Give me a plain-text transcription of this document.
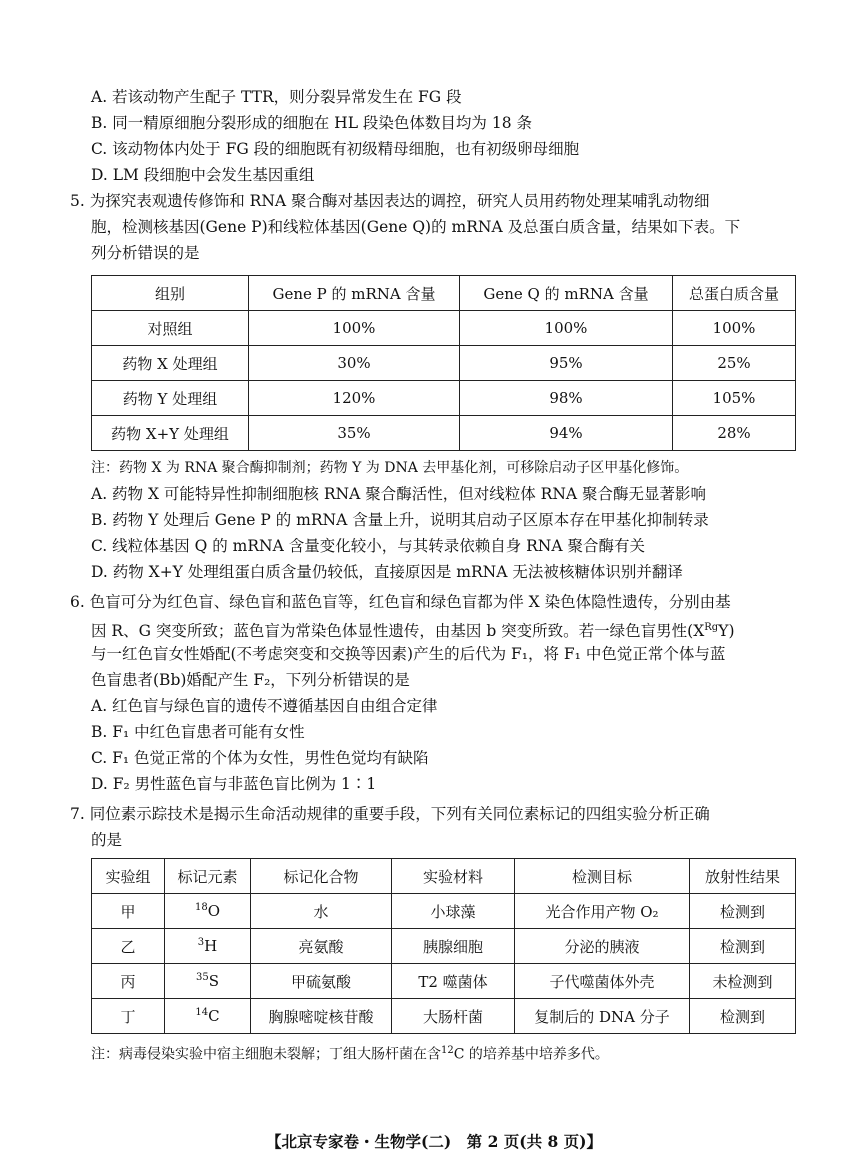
A. 若该动物产生配子 TTR，则分裂异常发生在 FG 段
B. 同一精原细胞分裂形成的细胞在 HL 段染色体数目均为 18 条
C. 该动物体内处于 FG 段的细胞既有初级精母细胞，也有初级卵母细胞
D. LM 段细胞中会发生基因重组
5. 为探究表观遗传修饰和 RNA 聚合酶对基因表达的调控，研究人员用药物处理某哺乳动物细
胞，检测核基因(Gene P)和线粒体基因(Gene Q)的 mRNA 及总蛋白质含量，结果如下表。下
列分析错误的是
组别	Gene P 的 mRNA 含量	Gene Q 的 mRNA 含量	总蛋白质含量
对照组	100%	100%	100%
药物 X 处理组	30%	95%	25%
药物 Y 处理组	120%	98%	105%
药物 X+Y 处理组	35%	94%	28%
注：药物 X 为 RNA 聚合酶抑制剂；药物 Y 为 DNA 去甲基化剂，可移除启动子区甲基化修饰。
A. 药物 X 可能特异性抑制细胞核 RNA 聚合酶活性，但对线粒体 RNA 聚合酶无显著影响
B. 药物 Y 处理后 Gene P 的 mRNA 含量上升，说明其启动子区原本存在甲基化抑制转录
C. 线粒体基因 Q 的 mRNA 含量变化较小，与其转录依赖自身 RNA 聚合酶有关
D. 药物 X+Y 处理组蛋白质含量仍较低，直接原因是 mRNA 无法被核糖体识别并翻译
6. 色盲可分为红色盲、绿色盲和蓝色盲等，红色盲和绿色盲都为伴 X 染色体隐性遗传，分别由基
因 R、G 突变所致；蓝色盲为常染色体显性遗传，由基因 b 突变所致。若一绿色盲男性$(X^{Rg}Y)$
与一红色盲女性婚配(不考虑突变和交换等因素)产生的后代为 F₁，将 F₁ 中色觉正常个体与蓝
色盲患者(Bb)婚配产生 F₂，下列分析错误的是
A. 红色盲与绿色盲的遗传不遵循基因自由组合定律
B. F₁ 中红色盲患者可能有女性
C. F₁ 色觉正常的个体为女性，男性色觉均有缺陷
D. F₂ 男性蓝色盲与非蓝色盲比例为 1∶1
7. 同位素示踪技术是揭示生命活动规律的重要手段，下列有关同位素标记的四组实验分析正确
的是
实验组	标记元素	标记化合物	实验材料	检测目标	放射性结果
甲	$^{18}$O	水	小球藻	光合作用产物 O₂	检测到
乙	$^3$H	亮氨酸	胰腺细胞	分泌的胰液	检测到
丙	$^{35}$S	甲硫氨酸	T2 噬菌体	子代噬菌体外壳	未检测到
丁	$^{14}$C	胸腺嘧啶核苷酸	大肠杆菌	复制后的 DNA 分子	检测到
注：病毒侵染实验中宿主细胞未裂解；丁组大肠杆菌在含$^{12}$C 的培养基中培养多代。
【北京专家卷・生物学(二)　第 2 页(共 8 页)】
